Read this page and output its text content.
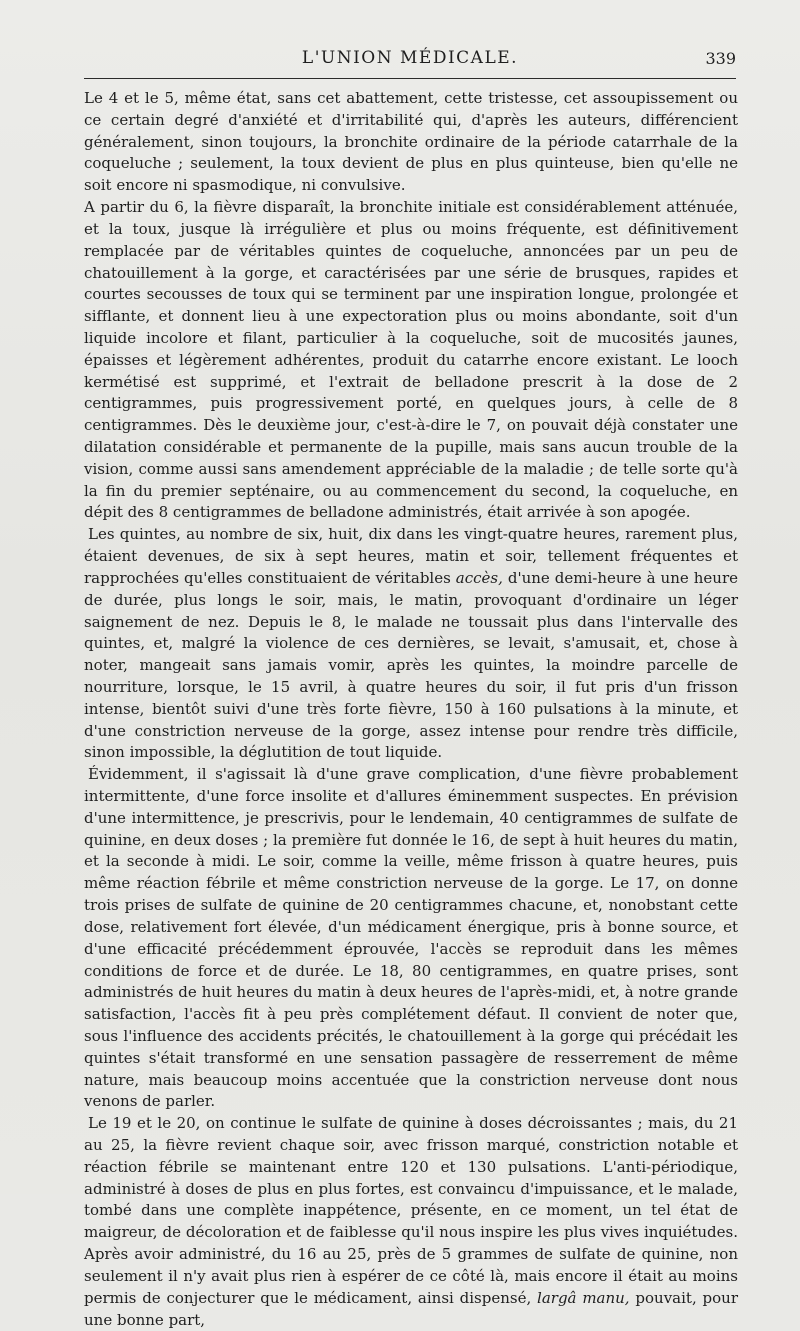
L'UNION MÉDICALE.	339

Le 4 et le 5, même état, sans cet abattement, cette tristesse, cet assoupissement ou ce certain degré d'anxiété et d'irritabilité qui, d'après les auteurs, différencient généralement, sinon toujours, la bronchite ordinaire de la période catarrhale de la coqueluche ; seulement, la toux devient de plus en plus quinteuse, bien qu'elle ne soit encore ni spasmodique, ni convulsive.

A partir du 6, la fièvre disparaît, la bronchite initiale est considérablement atténuée, et la toux, jusque là irrégulière et plus ou moins fréquente, est définitivement remplacée par de véritables quintes de coqueluche, annoncées par un peu de chatouillement à la gorge, et caractérisées par une série de brusques, rapides et courtes secousses de toux qui se terminent par une inspiration longue, prolongée et sifflante, et donnent lieu à une expectoration plus ou moins abondante, soit d'un liquide incolore et filant, particulier à la coqueluche, soit de mucosités jaunes, épaisses et légèrement adhérentes, produit du catarrhe encore existant. Le looch kermétisé est supprimé, et l'extrait de belladone prescrit à la dose de 2 centigrammes, puis progressivement porté, en quelques jours, à celle de 8 centigrammes. Dès le deuxième jour, c'est-à-dire le 7, on pouvait déjà constater une dilatation considérable et permanente de la pupille, mais sans aucun trouble de la vision, comme aussi sans amendement appréciable de la maladie ; de telle sorte qu'à la fin du premier septénaire, ou au commencement du second, la coqueluche, en dépit des 8 centigrammes de belladone administrés, était arrivée à son apogée.

Les quintes, au nombre de six, huit, dix dans les vingt-quatre heures, rarement plus, étaient devenues, de six à sept heures, matin et soir, tellement fréquentes et rapprochées qu'elles constituaient de véritables accès, d'une demi-heure à une heure de durée, plus longs le soir, mais, le matin, provoquant d'ordinaire un léger saignement de nez. Depuis le 8, le malade ne toussait plus dans l'intervalle des quintes, et, malgré la violence de ces dernières, se levait, s'amusait, et, chose à noter, mangeait sans jamais vomir, après les quintes, la moindre parcelle de nourriture, lorsque, le 15 avril, à quatre heures du soir, il fut pris d'un frisson intense, bientôt suivi d'une très forte fièvre, 150 à 160 pulsations à la minute, et d'une constriction nerveuse de la gorge, assez intense pour rendre très difficile, sinon impossible, la déglutition de tout liquide.

Évidemment, il s'agissait là d'une grave complication, d'une fièvre probablement intermittente, d'une force insolite et d'allures éminemment suspectes. En prévision d'une intermittence, je prescrivis, pour le lendemain, 40 centigrammes de sulfate de quinine, en deux doses ; la première fut donnée le 16, de sept à huit heures du matin, et la seconde à midi. Le soir, comme la veille, même frisson à quatre heures, puis même réaction fébrile et même constriction nerveuse de la gorge. Le 17, on donne trois prises de sulfate de quinine de 20 centigrammes chacune, et, nonobstant cette dose, relativement fort élevée, d'un médicament énergique, pris à bonne source, et d'une efficacité précédemment éprouvée, l'accès se reproduit dans les mêmes conditions de force et de durée. Le 18, 80 centigrammes, en quatre prises, sont administrés de huit heures du matin à deux heures de l'après-midi, et, à notre grande satisfaction, l'accès fit à peu près complétement défaut. Il convient de noter que, sous l'influence des accidents précités, le chatouillement à la gorge qui précédait les quintes s'était transformé en une sensation passagère de resserrement de même nature, mais beaucoup moins accentuée que la constriction nerveuse dont nous venons de parler.

Le 19 et le 20, on continue le sulfate de quinine à doses décroissantes ; mais, du 21 au 25, la fièvre revient chaque soir, avec frisson marqué, constriction notable et réaction fébrile se maintenant entre 120 et 130 pulsations. L'anti-périodique, administré à doses de plus en plus fortes, est convaincu d'impuissance, et le malade, tombé dans une complète inappétence, présente, en ce moment, un tel état de maigreur, de décoloration et de faiblesse qu'il nous inspire les plus vives inquiétudes. Après avoir administré, du 16 au 25, près de 5 grammes de sulfate de quinine, non seulement il n'y avait plus rien à espérer de ce côté là, mais encore il était au moins permis de conjecturer que le médicament, ainsi dispensé, largâ manu, pouvait, pour une bonne part,
